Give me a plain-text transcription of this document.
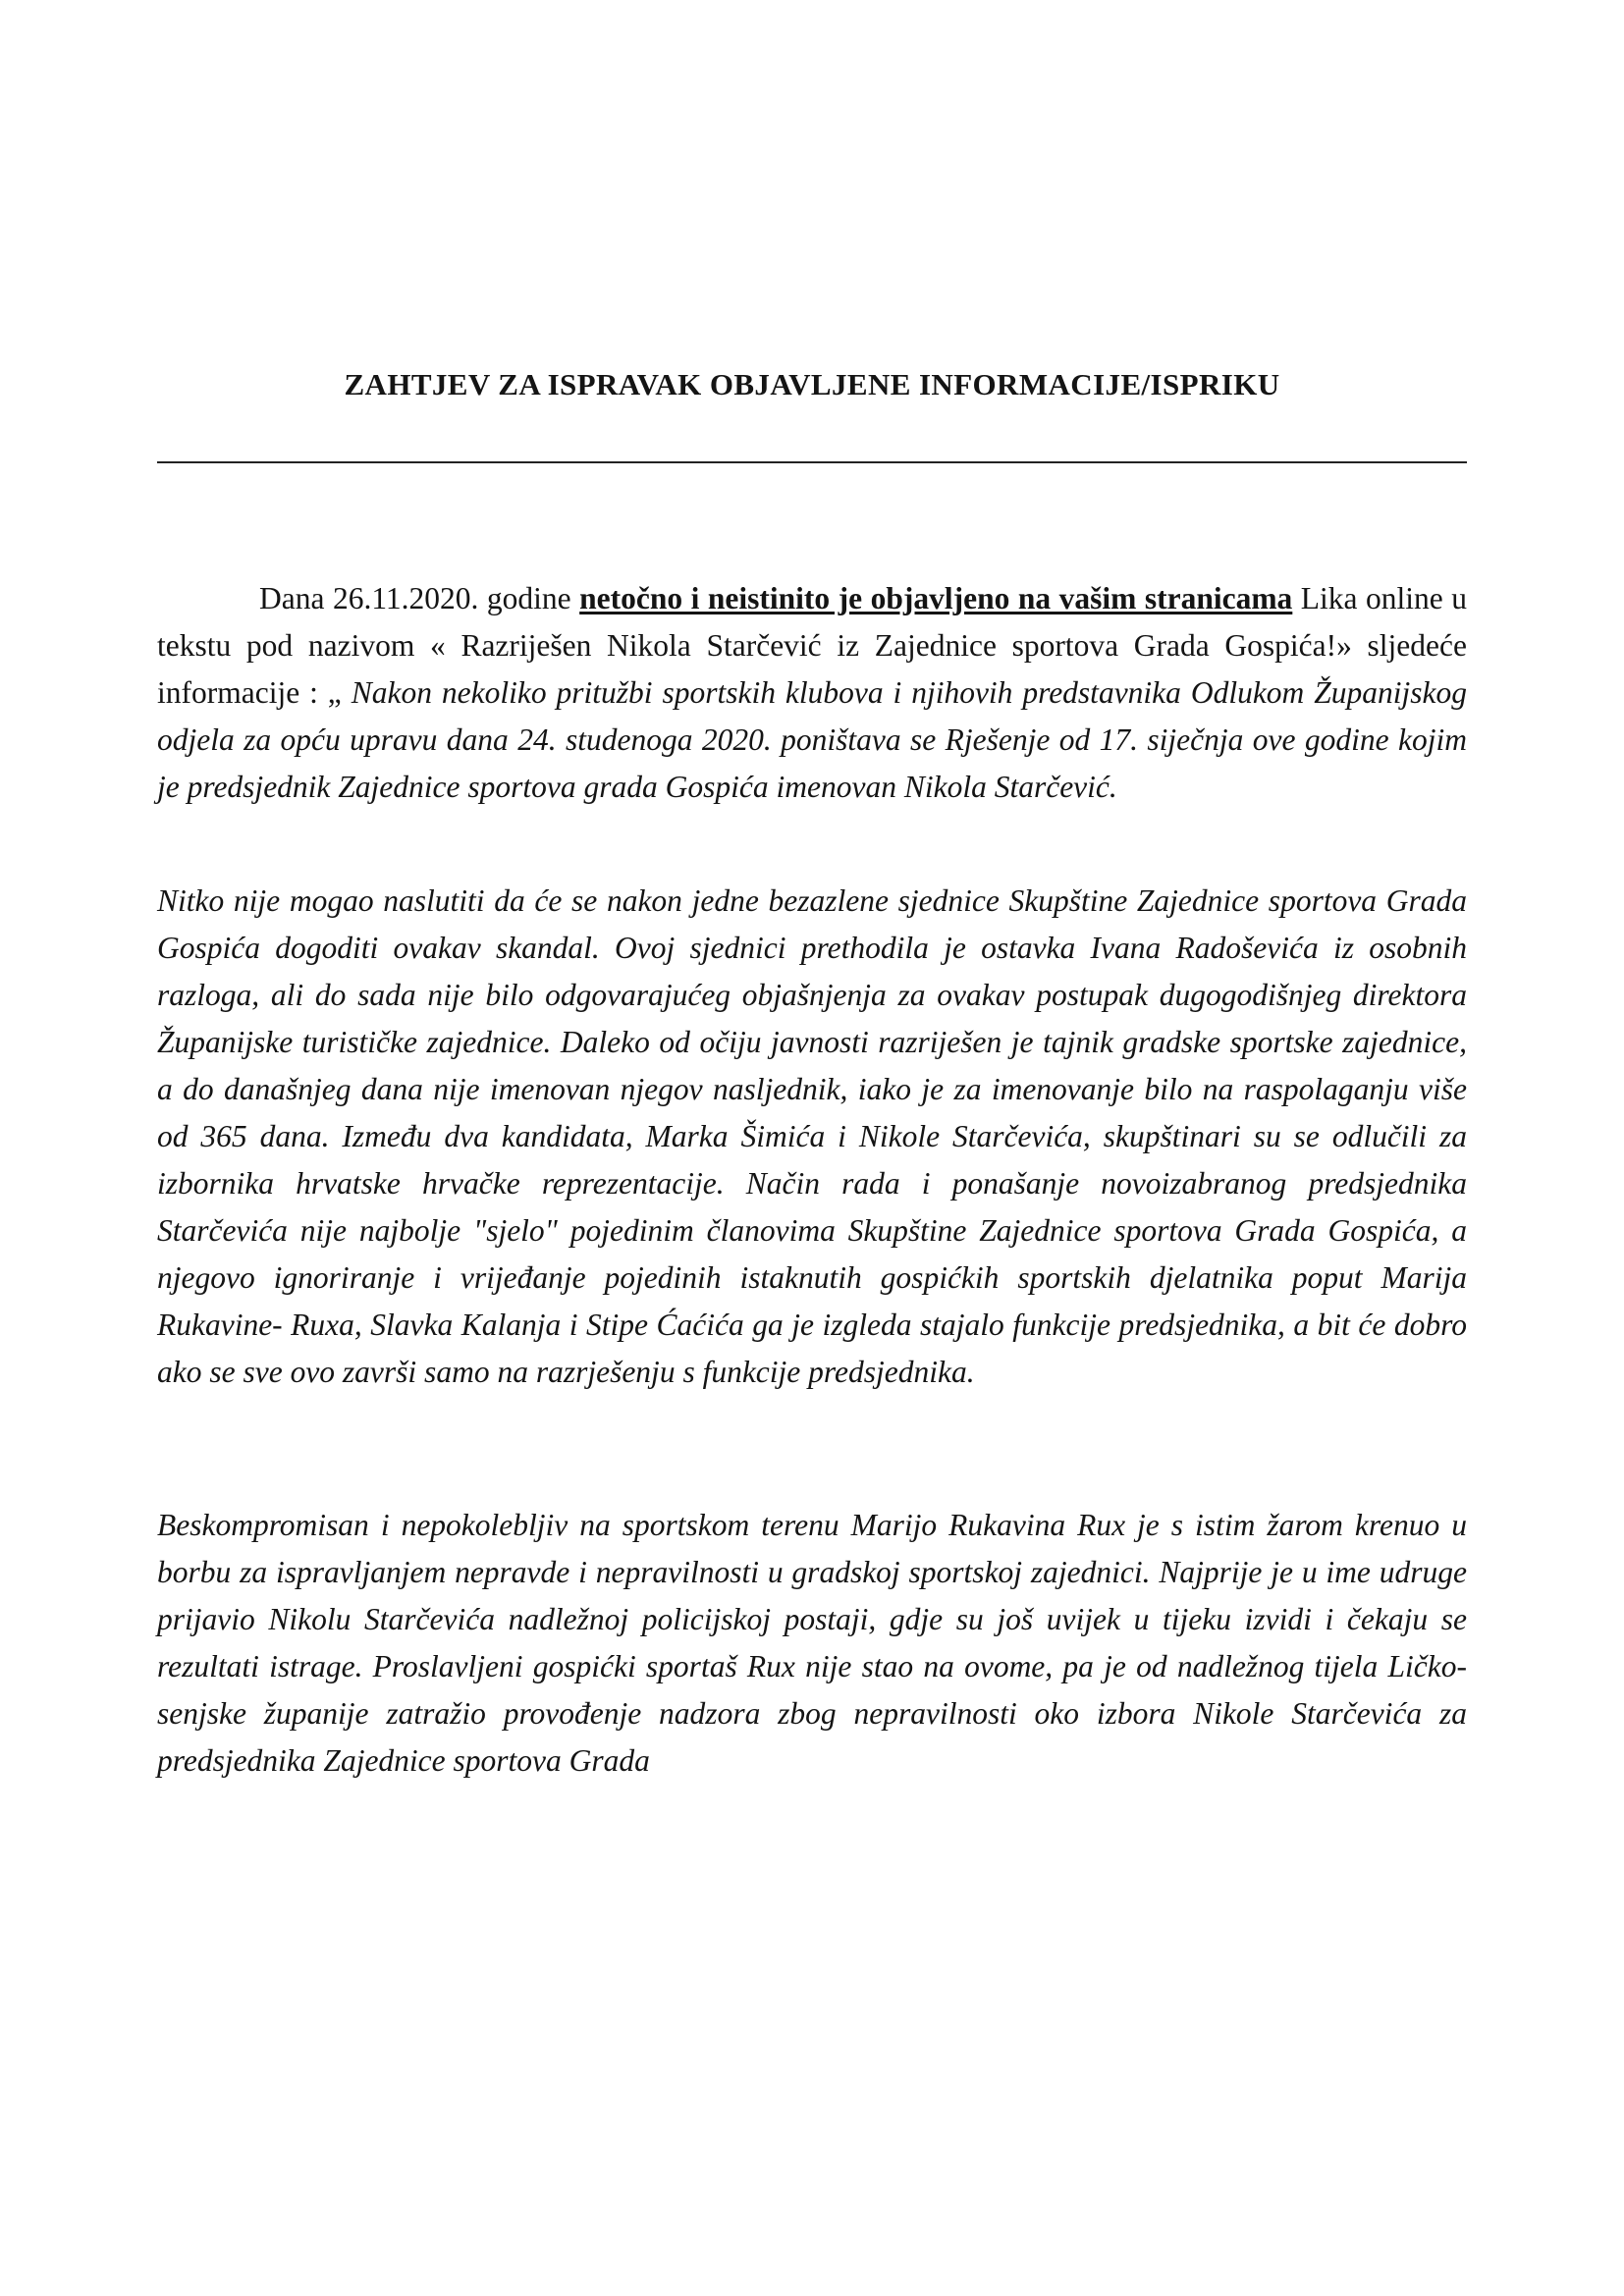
ZAHTJEV ZA ISPRAVAK OBJAVLJENE INFORMACIJE/ISPRIKU

Dana 26.11.2020. godine netočno i neistinito je objavljeno na vašim stranicama Lika online u tekstu pod nazivom « Razriješen Nikola Starčević iz Zajednice sportova Grada Gospića!» sljedeće informacije : „ Nakon nekoliko pritužbi sportskih klubova i njihovih predstavnika Odlukom Županijskog odjela za opću upravu dana 24. studenoga 2020. poništava se Rješenje od 17. siječnja ove godine kojim je predsjednik Zajednice sportova grada Gospića imenovan Nikola Starčević.

Nitko nije mogao naslutiti da će se nakon jedne bezazlene sjednice Skupštine Zajednice sportova Grada Gospića dogoditi ovakav skandal. Ovoj sjednici prethodila je ostavka Ivana Radoševića iz osobnih razloga, ali do sada nije bilo odgovarajućeg objašnjenja za ovakav postupak dugogodišnjeg direktora Županijske turističke zajednice. Daleko od očiju javnosti razriješen je tajnik gradske sportske zajednice, a do današnjeg dana nije imenovan njegov nasljednik, iako je za imenovanje bilo na raspolaganju više od 365 dana. Između dva kandidata, Marka Šimića i Nikole Starčevića, skupštinari su se odlučili za izbornika hrvatske hrvačke reprezentacije. Način rada i ponašanje novoizabranog predsjednika Starčevića nije najbolje "sjelo" pojedinim članovima Skupštine Zajednice sportova Grada Gospića, a njegovo ignoriranje i vrijeđanje pojedinih istaknutih gospićkih sportskih djelatnika poput Marija Rukavine- Ruxa, Slavka Kalanja i Stipe Ćaćića ga je izgleda stajalo funkcije predsjednika, a bit će dobro ako se sve ovo završi samo na razrješenju s funkcije predsjednika.

Beskompromisan i nepokolebljiv na sportskom terenu Marijo Rukavina Rux je s istim žarom krenuo u borbu za ispravljanjem nepravde i nepravilnosti u gradskoj sportskoj zajednici. Najprije je u ime udruge prijavio Nikolu Starčevića nadležnoj policijskoj postaji, gdje su još uvijek u tijeku izvidi i čekaju se rezultati istrage. Proslavljeni gospićki sportaš Rux nije stao na ovome, pa je od nadležnog tijela Ličko-senjske županije zatražio provođenje nadzora zbog nepravilnosti oko izbora Nikole Starčevića za predsjednika Zajednice sportova Grada
